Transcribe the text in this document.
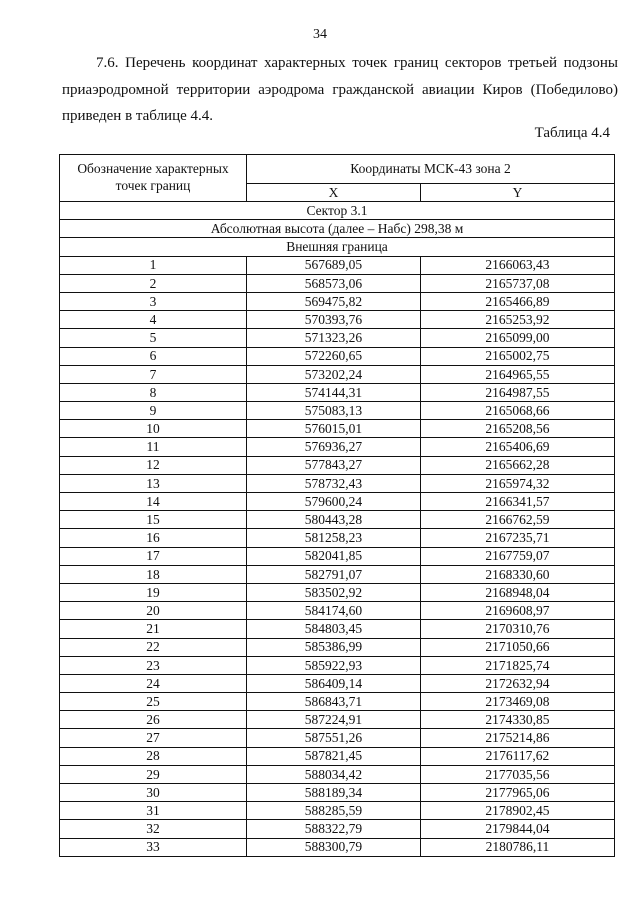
34

7.6. Перечень координат характерных точек границ секторов третьей подзоны приаэродромной территории аэродрома гражданской авиации Киров (Победилово) приведен в таблице 4.4.

Таблица 4.4
Обозначение характерных точек границ	Координаты МСК-43 зона 2	
	X	Y
Сектор 3.1		
Абсолютная высота (далее – Набс) 298,38 м		
Внешняя граница		
1	567689,05	2166063,43
2	568573,06	2165737,08
3	569475,82	2165466,89
4	570393,76	2165253,92
5	571323,26	2165099,00
6	572260,65	2165002,75
7	573202,24	2164965,55
8	574144,31	2164987,55
9	575083,13	2165068,66
10	576015,01	2165208,56
11	576936,27	2165406,69
12	577843,27	2165662,28
13	578732,43	2165974,32
14	579600,24	2166341,57
15	580443,28	2166762,59
16	581258,23	2167235,71
17	582041,85	2167759,07
18	582791,07	2168330,60
19	583502,92	2168948,04
20	584174,60	2169608,97
21	584803,45	2170310,76
22	585386,99	2171050,66
23	585922,93	2171825,74
24	586409,14	2172632,94
25	586843,71	2173469,08
26	587224,91	2174330,85
27	587551,26	2175214,86
28	587821,45	2176117,62
29	588034,42	2177035,56
30	588189,34	2177965,06
31	588285,59	2178902,45
32	588322,79	2179844,04
33	588300,79	2180786,11
